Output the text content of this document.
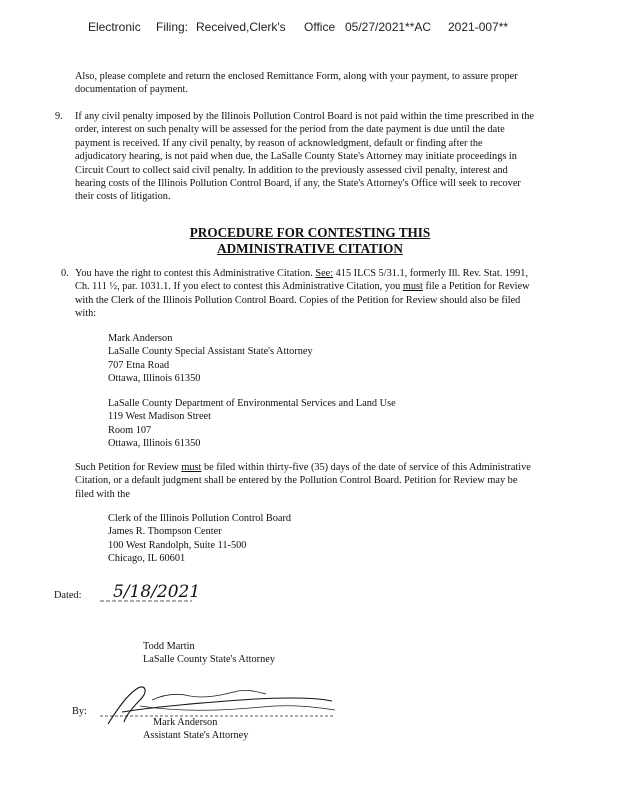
Electronic Filing: Received,Clerk's Office 05/27/2021**AC 2021-007**
Also, please complete and return the enclosed Remittance Form, along with your payment, to assure proper
documentation of payment.
9. If any civil penalty imposed by the Illinois Pollution Control Board is not paid within the time prescribed in the
order, interest on such penalty will be assessed for the period from the date payment is due until the date
payment is received. If any civil penalty, by reason of acknowledgment, default or finding after the
adjudicatory hearing, is not paid when due, the LaSalle County State's Attorney may initiate proceedings in
Circuit Court to collect said civil penalty. In addition to the previously assessed civil penalty, interest and
hearing costs of the Illinois Pollution Control Board, if any, the State's Attorney's Office will seek to recover
their costs of litigation.
PROCEDURE FOR CONTESTING THIS
ADMINISTRATIVE CITATION
0. You have the right to contest this Administrative Citation. See: 415 ILCS 5/31.1, formerly Ill. Rev. Stat. 1991,
Ch. 111 ½, par. 1031.1. If you elect to contest this Administrative Citation, you must file a Petition for Review
with the Clerk of the Illinois Pollution Control Board. Copies of the Petition for Review should also be filed
with:
Mark Anderson
LaSalle County Special Assistant State's Attorney
707 Etna Road
Ottawa, Illinois 61350
LaSalle County Department of Environmental Services and Land Use
119 West Madison Street
Room 107
Ottawa, Illinois 61350
Such Petition for Review must be filed within thirty-five (35) days of the date of service of this Administrative
Citation, or a default judgment shall be entered by the Pollution Control Board. Petition for Review may be
filed with the
Clerk of the Illinois Pollution Control Board
James R. Thompson Center
100 West Randolph, Suite 11-500
Chicago, IL 60601
Dated: 5/18/2021
Todd Martin
LaSalle County State's Attorney
By:
Mark Anderson
Assistant State's Attorney
